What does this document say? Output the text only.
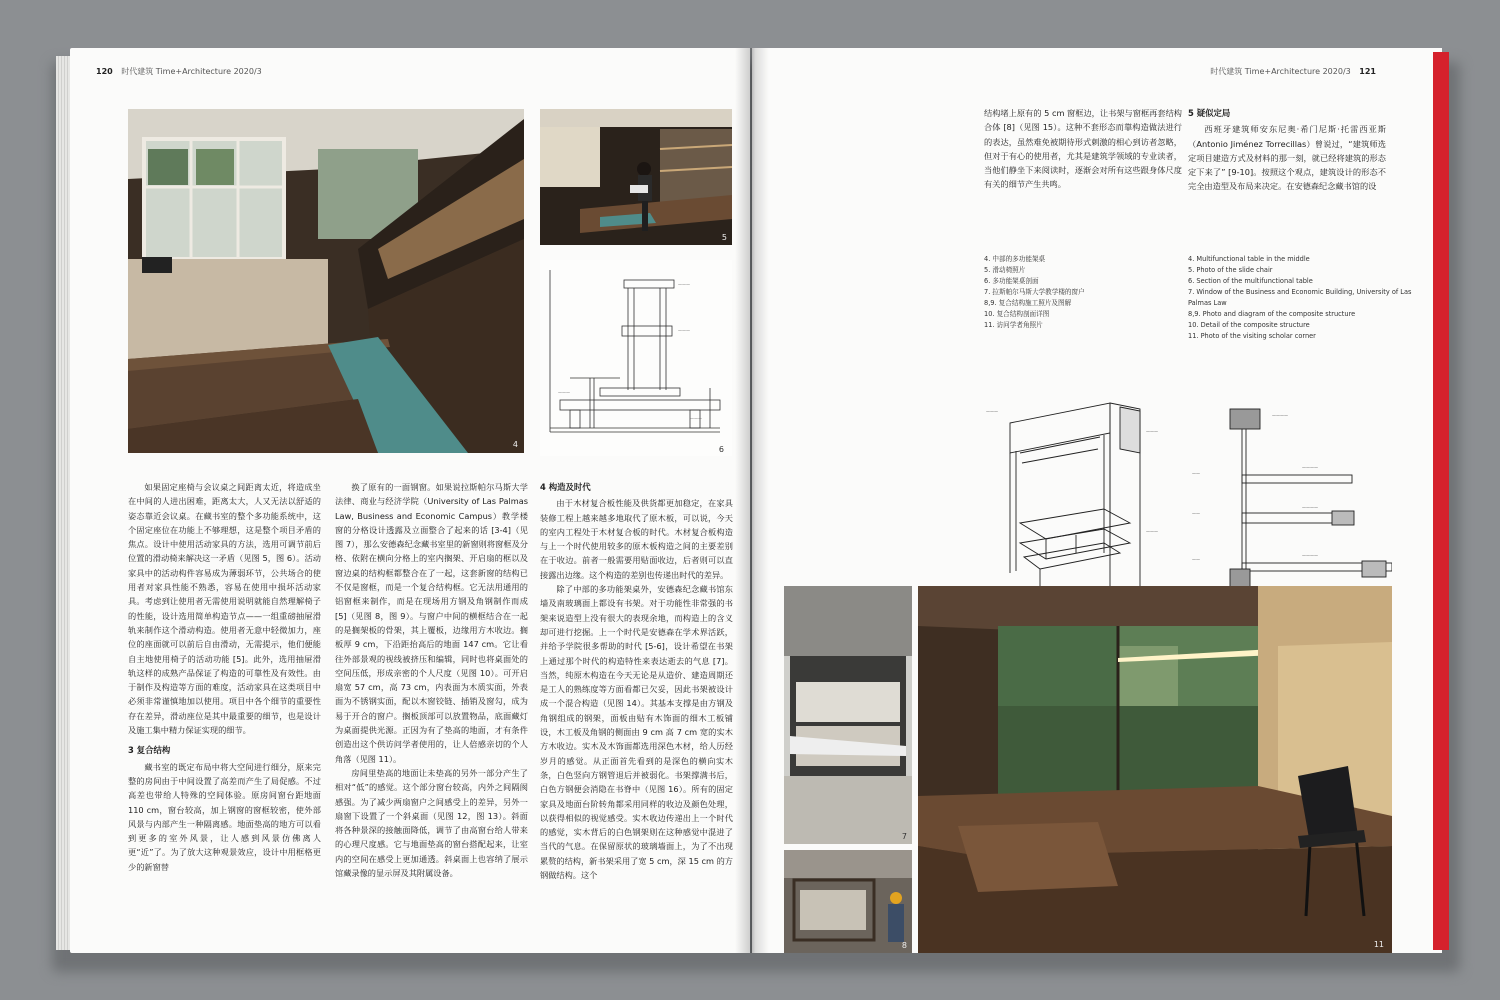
120 时代建筑 Time+Architecture 2020/3
4
5
———
———
———
———
6

如果固定座椅与会议桌之间距离太近，将造成坐在中间的人进出困难，距离太大，人又无法以舒适的姿态靠近会议桌。在藏书室的整个多功能系统中，这个固定座位在功能上不够理想，这是整个项目矛盾的焦点。设计中使用活动家具的方法，选用可调节前后位置的滑动椅来解决这一矛盾（见图 5，图 6）。活动家具中的活动构件容易成为薄弱环节，公共场合的使用者对家具性能不熟悉，容易在使用中损坏活动家具。考虑到让使用者无需使用说明就能自然理解椅子的性能，设计选用简单构造节点——一组重磅抽屉滑轨来制作这个滑动构造。使用者无意中轻微加力，座位的座面就可以前后自由滑动，无需提示，他们便能自主地使用椅子的活动功能 [5]。此外，选用抽屉滑轨这样的成熟产品保证了构造的可靠性及有效性。由于制作及构造等方面的难度，活动家具在这类项目中必须非常谨慎地加以使用。项目中各个细节的重要性存在差异，滑动座位是其中最重要的细节，也是设计及施工集中精力保证实现的细节。

3 复合结构

藏书室的既定布局中将大空间进行细分，原来完整的房间由于中间设置了高差而产生了局促感。不过高差也带给人特殊的空间体验。原房间窗台距地面110 cm，窗台较高，加上钢窗的窗框较密，使外部风景与内部产生一种隔离感。地面垫高的地方可以看到更多的室外风景，让人感到风景仿佛离人更“近”了。为了放大这种观景效应，设计中用框格更少的新窗替

换了原有的一面钢窗。如果说拉斯帕尔马斯大学法律、商业与经济学院（University of Las Palmas Law, Business and Economic Campus）教学楼窗的分格设计透露及立面整合了起来的话 [3-4]（见图 7），那么安德森纪念藏书室里的新窗则将窗框及分格、依附在横向分格上的室内搁架、开启扇的框以及窗边桌的结构框都整合在了一起，这套新窗的结构已不仅是窗框，而是一个复合结构框。它无法用通用的铝窗框来制作，而是在现场用方钢及角钢制作而成 [5]（见图 8，图 9）。与窗户中间的横框结合在一起的是搁架板的骨架，其上覆板，边缘用方木收边。搁板厚 9 cm，下沿距抬高后的地面 147 cm。它让看往外部景观的视线被挤压和编辑，同时也将桌面处的空间压低，形成亲密的个人尺度（见图 10）。可开启扇宽 57 cm，高 73 cm，内表面为木质实面，外表面为不锈钢实面，配以木窗铰链、插销及窗勾，成为易于开合的窗户。搁板顶部可以放置物品，底面藏灯为桌面提供光源。正因为有了垫高的地面，才有条件创造出这个供访问学者使用的，让人倍感亲切的个人角落（见图 11）。

房间里垫高的地面让未垫高的另外一部分产生了相对“低”的感觉。这个部分窗台较高，内外之间隔阂感强。为了减少两扇窗户之间感受上的差异，另外一扇窗下设置了一个斜桌面（见图 12，图 13）。斜面将各种景深的接触面降低，调节了由高窗台给人带来的心理尺度感。它与地面垫高的窗台搭配起来，让室内的空间在感受上更加通透。斜桌面上也容纳了展示馆藏录像的显示屏及其附属设备。

4 构造及时代

由于木材复合板性能及供货都更加稳定，在家具装修工程上越来越多地取代了原木板，可以说，今天的室内工程处于木材复合板的时代。木材复合板构造与上一个时代使用较多的原木板构造之间的主要差别在于收边。前者一般需要用贴面收边，后者则可以直接露出边缘。这个构造的差别也传递出时代的差异。

除了中部的多功能架桌外，安德森纪念藏书馆东墙及南玻璃面上都设有书架。对于功能性非常强的书架来说造型上没有很大的表现余地，而构造上的含义却可进行挖掘。上一个时代是安德森在学术界活跃，并给予学院很多帮助的时代 [5-6]，设计希望在书架上通过那个时代的构造特性来表达逝去的气息 [7]。当然，纯原木构造在今天无论是从造价、建造周期还是工人的熟练度等方面看都已欠妥，因此书架被设计成一个混合构造（见图 14）。其基本支撑是由方钢及角钢组成的钢架，面板由贴有木饰面的细木工板铺设，木工板及角钢的侧面由 9 cm 高 7 cm 宽的实木方木收边。实木及木饰面都选用深色木材，给人历经岁月的感觉。从正面首先看到的是深色的横向实木条，白色竖向方钢管退后并被弱化。书架撑满书后，白色方钢便会消隐在书脊中（见图 16）。所有的固定家具及地面台阶转角都采用同样的收边及颜色处理，以获得相似的视觉感受。实木收边传递出上一个时代的感觉，实木背后的白色钢架则在这种感觉中混进了当代的气息。在保留原状的玻璃墙面上，为了不出现累赘的结构，新书架采用了宽 5 cm，深 15 cm 的方钢做结构。这个

时代建筑 Time+Architecture 2020/3 121

结构堵上原有的 5 cm 窗框边，让书架与窗框再套结构合体 [8]（见图 15）。这种不套形态而靠构造做法进行的表达，虽然难免被期待形式刺激的相心到访者忽略，但对于有心的使用者，尤其是建筑学领域的专业读者，当他们静坐下来阅读时，逐渐会对所有这些跟身体尺度有关的细节产生共鸣。

5 疑似定局

西班牙建筑师安东尼奥·希门尼斯·托雷西亚斯（Antonio Jiménez Torrecillas）曾说过，“建筑师选定项目建造方式及材料的那一刻，就已经将建筑的形态定下来了” [9-10]。按照这个观点，建筑设计的形态不完全由造型及布局来决定。在安德森纪念藏书馆的设

4. 中部的多功能架桌
5. 滑动椅照片
6. 多功能架桌剖面
7. 拉斯帕尔马斯大学教学楼的窗户
8,9. 复合结构施工照片及图解
10. 复合结构剖面详图
11. 访问学者角照片
4. Multifunctional table in the middle
5. Photo of the slide chair
6. Section of the multifunctional table
7. Window of the Business and Economic Building, University of Las
Palmas Law
8,9. Photo and diagram of the composite structure
10. Detail of the composite structure
11. Photo of the visiting scholar corner
———
———
———
————
——
————
——
————
——
————
7
8	11
